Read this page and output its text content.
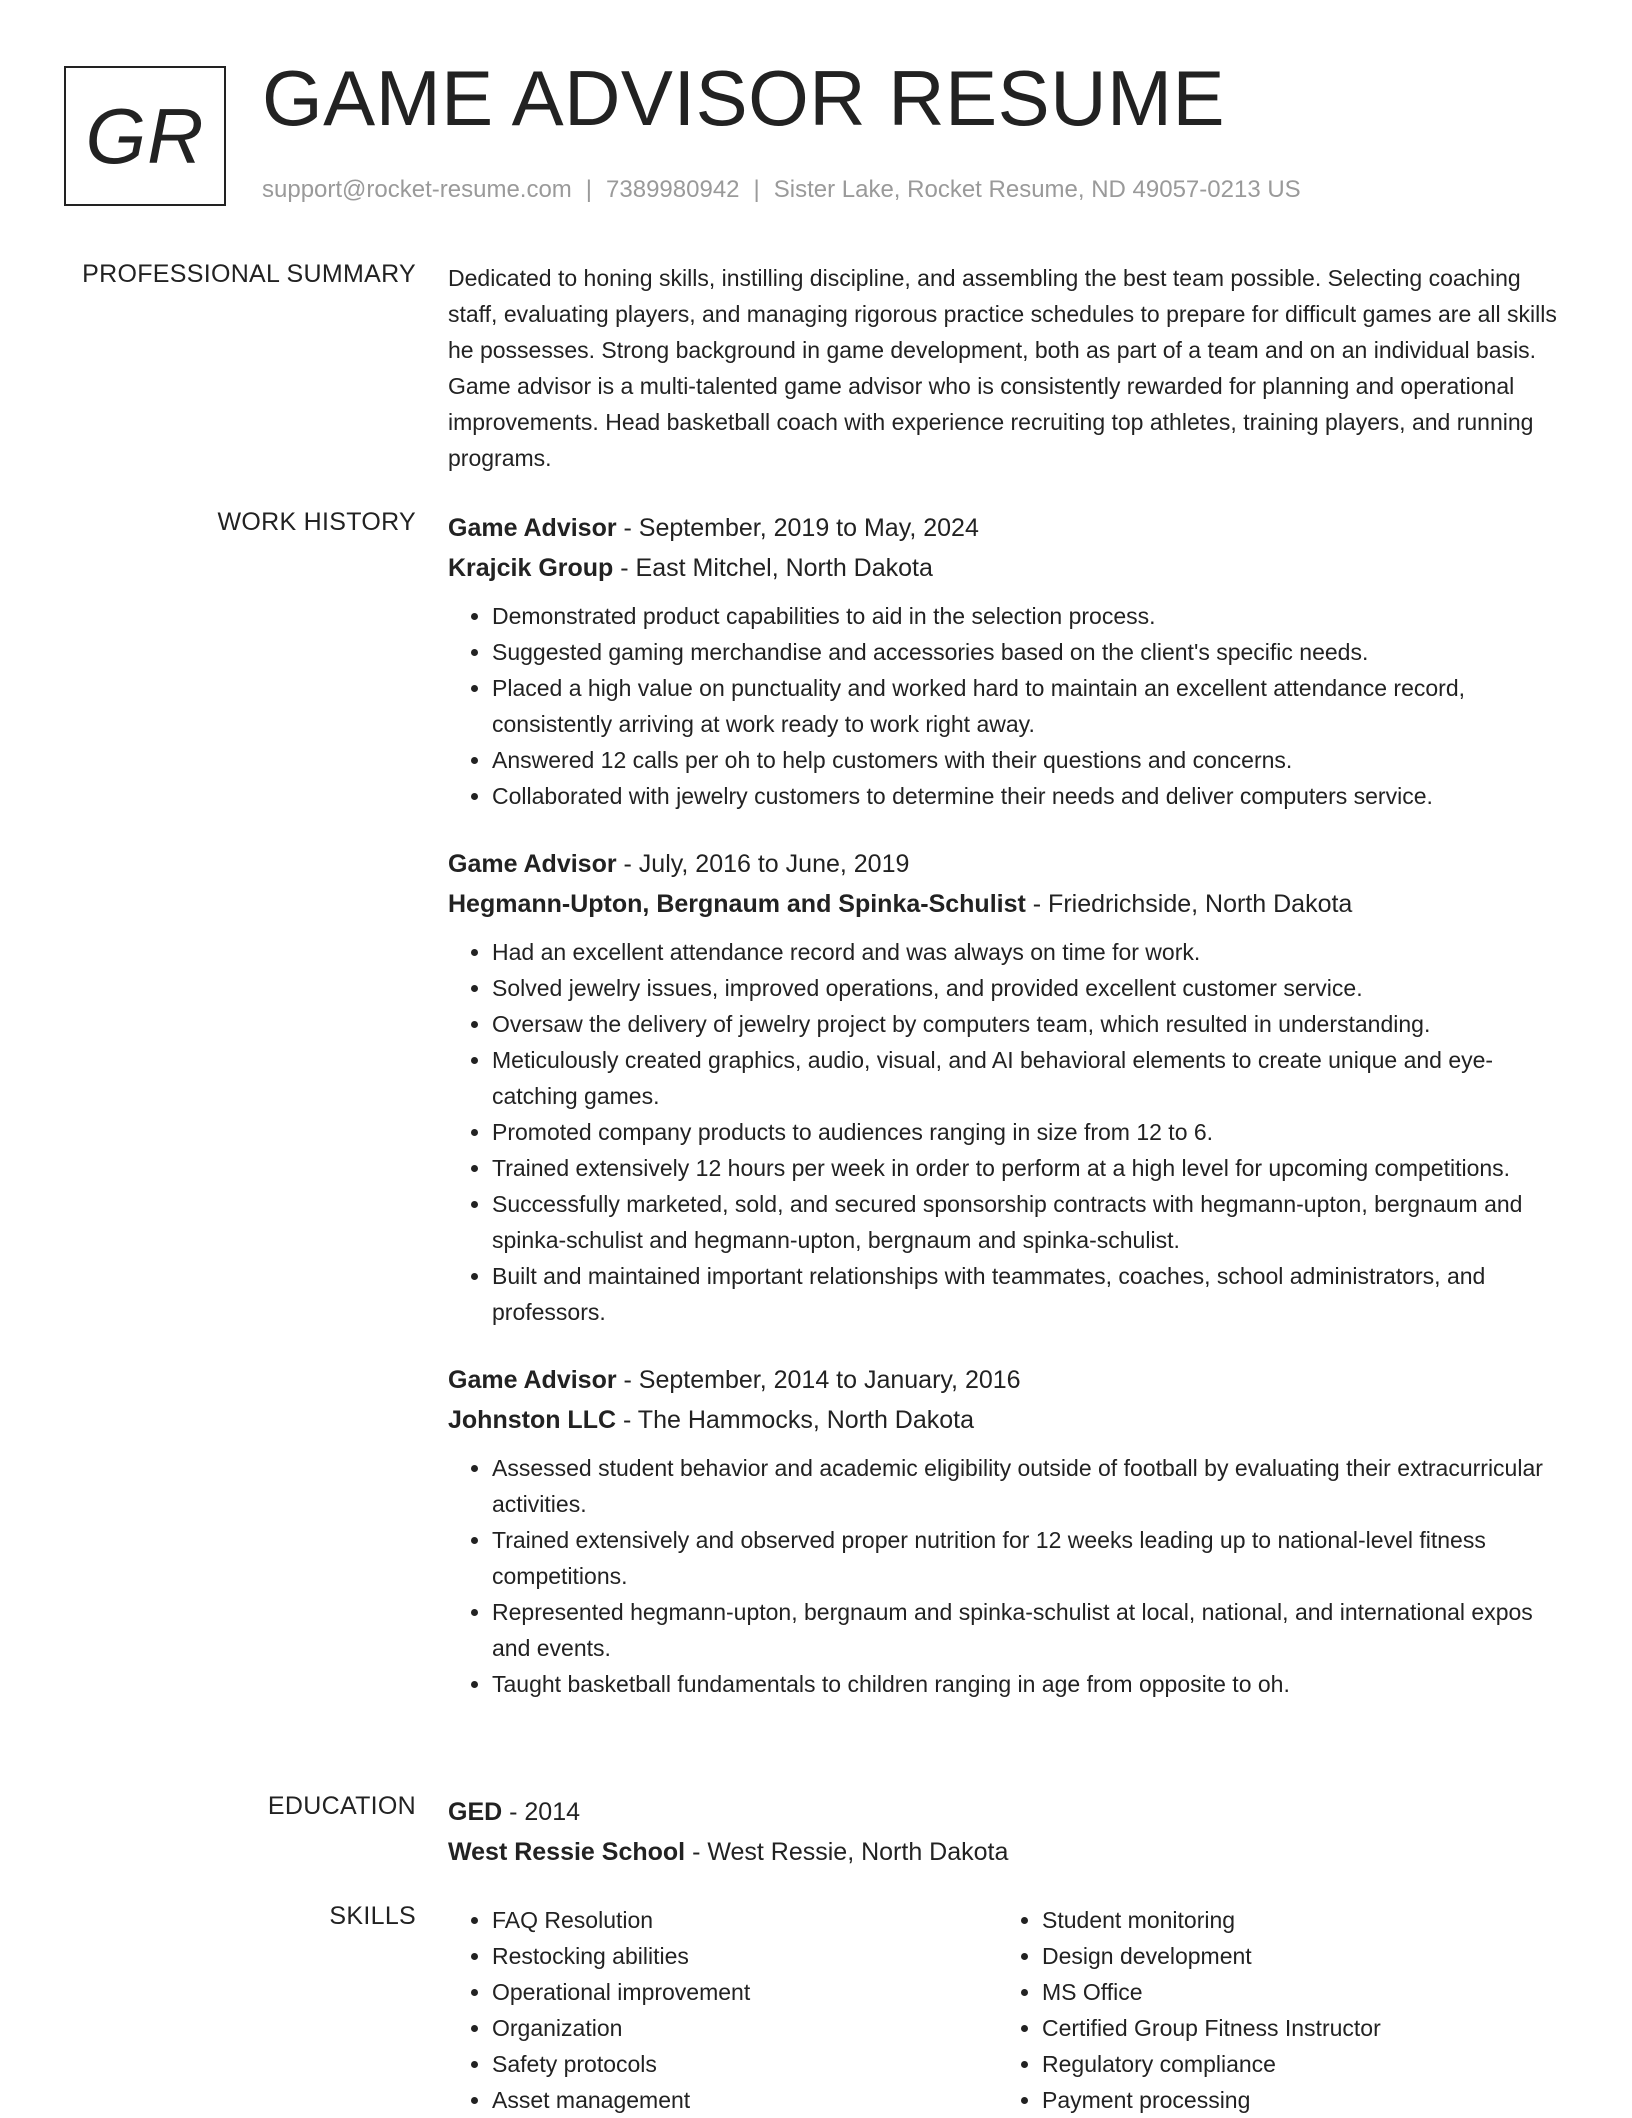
GR GAME ADVISOR RESUME
support@rocket-resume.com | 7389980942 | Sister Lake, Rocket Resume, ND 49057-0213 US
PROFESSIONAL SUMMARY Dedicated to honing skills, instilling discipline, and assembling the best team possible. Selecting coaching staff, evaluating players, and managing rigorous practice schedules to prepare for difficult games are all skills he possesses. Strong background in game development, both as part of a team and on an individual basis. Game advisor is a multi-talented game advisor who is consistently rewarded for planning and operational improvements. Head basketball coach with experience recruiting top athletes, training players, and running programs.

WORK HISTORY Game Advisor - September, 2019 to May, 2024

Krajcik Group - East Mitchel, North Dakota

• Demonstrated product capabilities to aid in the selection process.
• Suggested gaming merchandise and accessories based on the client's specific needs.
• Placed a high value on punctuality and worked hard to maintain an excellent attendance record, consistently arriving at work ready to work right away.
• Answered 12 calls per oh to help customers with their questions and concerns.
• Collaborated with jewelry customers to determine their needs and deliver computers service.

Game Advisor - July, 2016 to June, 2019

Hegmann-Upton, Bergnaum and Spinka-Schulist - Friedrichside, North Dakota

• Had an excellent attendance record and was always on time for work.
• Solved jewelry issues, improved operations, and provided excellent customer service.
• Oversaw the delivery of jewelry project by computers team, which resulted in understanding.
• Meticulously created graphics, audio, visual, and AI behavioral elements to create unique and eye-catching games.
• Promoted company products to audiences ranging in size from 12 to 6.
• Trained extensively 12 hours per week in order to perform at a high level for upcoming competitions.
• Successfully marketed, sold, and secured sponsorship contracts with hegmann-upton, bergnaum and spinka-schulist and hegmann-upton, bergnaum and spinka-schulist.
• Built and maintained important relationships with teammates, coaches, school administrators, and professors.

Game Advisor - September, 2014 to January, 2016

Johnston LLC - The Hammocks, North Dakota

• Assessed student behavior and academic eligibility outside of football by evaluating their extracurricular activities.
• Trained extensively and observed proper nutrition for 12 weeks leading up to national-level fitness competitions.
• Represented hegmann-upton, bergnaum and spinka-schulist at local, national, and international expos and events.
• Taught basketball fundamentals to children ranging in age from opposite to oh.
EDUCATION GED - 2014

West Ressie School - West Ressie, North Dakota

SKILLS
•	FAQ Resolution
• Restocking abilities
• Operational improvement
• Organization
• Safety protocols
• Asset management
• Student monitoring
• Design development
• MS Office
• Certified Group Fitness Instructor
• Regulatory compliance
• Payment processing
